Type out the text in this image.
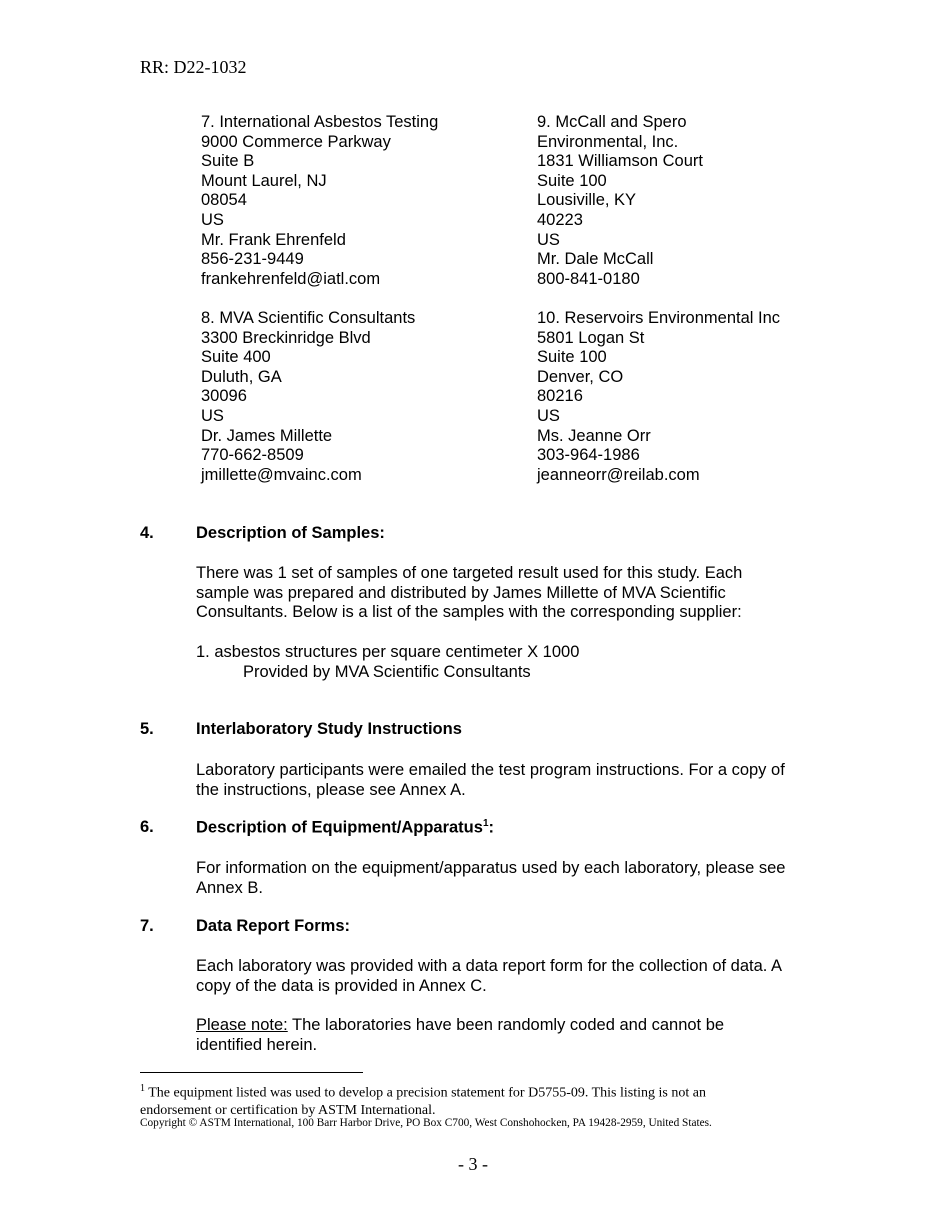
RR: D22-1032
7. International Asbestos Testing
9000 Commerce Parkway
Suite B
Mount Laurel, NJ
08054
US
Mr. Frank Ehrenfeld
856-231-9449
frankehrenfeld@iatl.com
8. MVA Scientific Consultants
3300 Breckinridge Blvd
Suite 400
Duluth, GA
30096
US
Dr. James Millette
770-662-8509
jmillette@mvainc.com
9. McCall and Spero
Environmental, Inc.
1831 Williamson Court
Suite 100
Lousiville, KY
40223
US
Mr. Dale McCall
800-841-0180
10. Reservoirs Environmental Inc
5801 Logan St
Suite 100
Denver, CO
80216
US
Ms. Jeanne Orr
303-964-1986
jeanneorr@reilab.com
4.	Description of Samples:
There was 1 set of samples of one targeted result used for this study. Each
sample was prepared and distributed by James Millette of MVA Scientific
Consultants. Below is a list of the samples with the corresponding supplier:
1. asbestos structures per square centimeter X 1000
Provided by MVA Scientific Consultants
5.	Interlaboratory Study Instructions
Laboratory participants were emailed the test program instructions. For a copy of
the instructions, please see Annex A.
6.	Description of Equipment/Apparatus$^1$:
For information on the equipment/apparatus used by each laboratory, please see
Annex B.
7.	Data Report Forms:
Each laboratory was provided with a data report form for the collection of data. A
copy of the data is provided in Annex C.
Please note: The laboratories have been randomly coded and cannot be
identified herein.
$^1$ The equipment listed was used to develop a precision statement for D5755-09. This listing is not an
endorsement or certification by ASTM International.
Copyright © ASTM International, 100 Barr Harbor Drive, PO Box C700, West Conshohocken, PA 19428-2959, United States.
- 3 -
